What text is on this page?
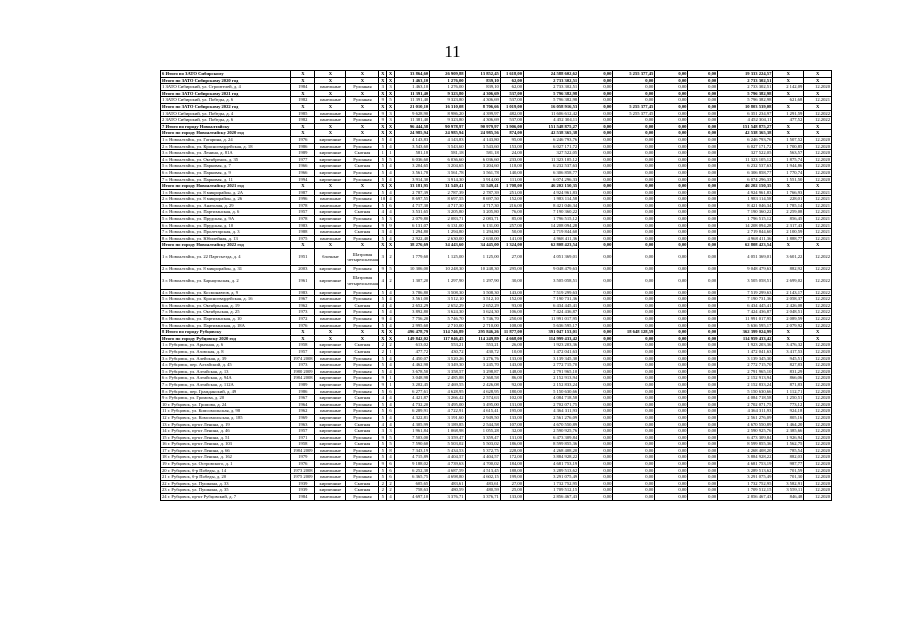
11
6 Итого по ЗАТО Сибирскому	X	X	X	X	X	33 864,60	26 909,88	13 852,45	1 618,00	24 588 602,62	0,00	5 255 377,45	0,00	0,00	19 333 224,57	X	X
Итого по ЗАТО Сибирскому 2020 год	X	X	X	X	X	1 463,10	1 276,00	839,10	62,00	2 733 302,51	0,00	0,00	0,00	0,00	2 733 302,51	X	X
1 ЗАТО Сибирский, ул. Строителей, д. 4	1984	панельные	Рулонная	3	3	1 463,10	1 276,00	839,10	62,00	2 733 302,51	0,00	0,00	0,00	0,00	2 733 302,51	2 142,09	12.2020
Итого по ЗАТО Сибирскому 2021 год	X	X	X	X	X	11 391,40	9 323,80	4 306,69	537,00	5 796 382,98	0,00	0,00	0,00	0,00	5 796 382,98	X	X
1 ЗАТО Сибирский, ул. Победы, д. 6	1982	панельные	Рулонная	9	5	11 391,40	9 323,80	4 306,69	537,00	5 796 382,98	0,00	0,00	0,00	0,00	5 796 382,98	621,68	12.2021
Итого по ЗАТО Сибирскому 2022 год	X	X	X	X	X	21 010,10	16 310,08	8 706,66	1 019,00	16 058 916,53	0,00	5 255 377,45	0,00	0,00	10 803 539,08	X	X
1 ЗАТО Сибирский, ул. Победы, д. 4	1985	панельные	Рулонная	9	3	9 628,90	8 986,20	4 399,97	482,00	11 606 612,42	0,00	5 255 377,45	0,00	0,00	6 351 234,97	1 291,59	12.2022
2 ЗАТО Сибирский, ул. Победы, д. 6	1982	панельные	Рулонная	9	3	11 381,40	9 323,80	4 306,69	537,00	4 452 304,11	0,00	0,00	0,00	0,00	4 452 304,11	477,52	12.2022
7 Итого по городу Новоалтайску	X	X	X	X	X	96 444,58	90 978,97	90 979,97	3 906,00	151 548 875,27	0,00	0,00	0,00	0,00	151 548 875,27	X	X
Итого по городу Новоалтайску 2020 год	X	X	X	X	X	24 985,94	24 985,94	24 985,56	874,00	42 538 365,38	0,00	0,00	0,00	0,00	42 538 365,38	X	X
1 г. Новоалтайск, ул. Гагарина, д. 24	1976	кирпичные	Рулонная	5	4	4 143,83	4 143,83	4 143,80	95,00	6 246 793,76	0,00	0,00	0,00	0,00	6 246 793,76	1 507,52	12.2020
2 г. Новоалтайск, ул. Красногвардейская, д. 18	1986	панельные	Рулонная	5	4	3 543,60	3 543,60	3 543,60	153,00	6 027 171,72	0,00	0,00	0,00	0,00	6 027 171,72	1 700,85	12.2020
3 г. Новоалтайск, ул. Ленина, д. 81А	1989	кирпичные	Скатная	1	1	581,18	581,18	581,18	24,00	327 522,05	0,00	0,00	0,00	0,00	327 522,05	563,57	12.2020
4 г. Новоалтайск, ул. Октябренок, д. 35	1977	кирпичные	Рулонная	5	5	6 036,60	6 036,60	6 036,60	233,00	11 323 105,12	0,00	0,00	0,00	0,00	11 323 105,12	1 875,74	12.2020
5 г. Новоалтайск, ул. Парковая, д. 7	1966	кирпичные	Скатная	5	4	3 204,65	3 204,65	3 204,60	118,00	6 232 537,63	0,00	0,00	0,00	0,00	6 232 537,63	1 944,86	12.2020
6 г. Новоалтайск, ул. Парковая, д. 9	1966	кирпичные	Рулонная	5	4	3 561,78	3 561,78	3 561,78	140,00	6 306 858,77	0,00	0,00	0,00	0,00	6 306 858,77	1 770,74	12.2020
7 г. Новоалтайск, ул. Парковая, д. 11	1994	кирпичные	Рулонная	5	4	3 914,30	3 914,30	3 914,00	111,00	6 074 296,33	0,00	0,00	0,00	0,00	6 074 296,33	1 551,50	12.2020
Итого по городу Новоалтайску 2021 год	X	X	X	X	X	33 181,95	31 549,41	31 549,41	1 708,00	46 202 150,35	0,00	0,00	0,00	0,00	46 202 150,35	X	X
1 г. Новоалтайск, ул. 8 микрорайон, д. 2А	1987	кирпичные	Рулонная	5	4	2 787,39	2 787,39	2 787,39	251,00	4 924 961,83	0,00	0,00	0,00	0,00	4 924 961,83	1 766,93	12.2021
2 г. Новоалтайск, ул. 8 микрорайон, д. 26	1996	панельные	Рулонная	10	4	8 697,55	8 697,55	8 697,50	152,00	1 983 114,58	0,00	0,00	0,00	0,00	1 983 114,58	228,01	12.2021
3 г. Новоалтайск, ул. Анатолия, д. 29	1978	панельные	Рулонная	5	6	4 717,30	4 717,30	4 717,30	216,00	8 421 046,34	0,00	0,00	0,00	0,00	8 421 046,34	1 785,14	12.2021
4 г. Новоалтайск, ул. Партизанская, д. 6	1957	кирпичные	Скатная	4	4	3 531,65	3 205,80	3 205,80	76,00	7 190 360,22	0,00	0,00	0,00	0,00	7 190 360,22	2 259,08	12.2021
5 г. Новоалтайск, ул. Прудская, д. 9А	1978	кирпичные	Рулонная	5	3	2 079,80	2 083,71	2 083,71	85,00	1 796 515,12	0,00	0,00	0,00	0,00	1 796 515,12	856,45	12.2021
6 г. Новоалтайск, ул. Прудская, д. 10	1983	кирпичные	Рулонная	9	9	6 131,07	6 131,00	6 131,00	257,00	14 208 094,28	0,00	0,00	0,00	0,00	14 208 094,28	2 317,43	12.2021
7 г. Новоалтайск, ул. Пролетарская, д. 3	1988	панельные	Скатная	3	4	1 294,80	1 294,80	1 294,80	50,00	2 719 844,60	0,00	0,00	0,00	0,00	2 719 844,60	2 100,59	12.2021
8 г. Новоалтайск, ул. Юбилейная, д. 13	1975	панельные	Рулонная	5	4	2 922,40	2 630,00	2 630,00	141,00	4 968 411,36	0,00	0,00	0,00	0,00	4 968 411,36	1 888,77	12.2021
Итого по городу Новоалтайску 2022 год	X	X	X	X	X	38 276,69	34 443,60	34 445,00	1 324,00	62 808 423,54	0,00	0,00	0,00	0,00	62 808 423,54	X	X
1 г. Новоалтайск, ул. 22 Партсъезда, д. 4	1951	блочные	Шатровая четырехскатная	3	2	1 779,60	1 125,00	1 125,00	27,00	4 051 369,01	0,00	0,00	0,00	0,00	4 051 369,01	3 601,22	12.2022
2 г. Новоалтайск, ул. 8 микрорайон, д. 31	2003	кирпичные	Рулонная	9	5	10 306,00	10 248,30	10 248,30	295,00	9 048 479,63	0,00	0,00	0,00	0,00	9 048 479,63	882,92	12.2022
3 г. Новоалтайск, ул. Барнаульская, д. 2	1961	кирпичные	Шатровая четырехскатная	4	2	1 307,20	1 297,90	1 297,90	30,00	3 505 058,51	0,00	0,00	0,00	0,00	3 505 058,51	2 699,02	12.2022
4 г. Новоалтайск, ул. Космонавтов, д. 9	1983	кирпичные	Рулонная	5	4	3 786,80	3 508,30	3 508,30	143,00	7 519 299,63	0,00	0,00	0,00	0,00	7 519 299,63	2 143,17	12.2022
5 г. Новоалтайск, ул. Красногвардейская, д. 16	1967	панельные	Рулонная	5	4	3 561,00	3 512,10	3 512,10	152,00	7 190 731,36	0,00	0,00	0,00	0,00	7 190 731,36	2 058,37	12.2022
6 г. Новоалтайск, ул. Октябрьская, д. 19	1962	кирпичные	Скатная	4	4	2 652,29	2 652,29	2 652,29	93,00	6 434 445,41	0,00	0,00	0,00	0,00	6 434 445,41	2 426,08	12.2022
7 г. Новоалтайск, ул. Октябрьская, д. 25	1973	кирпичные	Рулонная	5	4	3 892,80	3 624,30	3 624,30	106,00	7 424 436,87	0,00	0,00	0,00	0,00	7 424 436,87	2 048,51	12.2022
8 г. Новоалтайск, ул. Партизанская, д. 10	1972	панельные	Рулонная	9	4	7 756,20	5 746,70	5 746,70	250,00	11 991 017,95	0,00	0,00	0,00	0,00	11 991 017,95	2 089,59	12.2022
9 г. Новоалтайск, ул. Партизанская, д. 18А	1976	панельные	Рулонная	5	4	2 995,60	2 710,00	2 710,00	108,00	5 636 595,17	0,00	0,00	0,00	0,00	5 636 595,17	2 079,92	12.2022
8 Итого по городу Рубцовску	X	X	X	X	X	496 478,79	314 746,89	295 846,26	11 877,00	391 047 153,01	0,00	18 648 128,59	0,00	0,00	362 399 024,99	X	X
Итого по городу Рубцовску 2020 год	X	X	X	X	X	149 842,02	117 046,45	114 249,89	4 668,00	114 999 433,42	0,00	0,00	0,00	0,00	114 959 433,42	X	X
1 г. Рубцовск, ул. Арычная, д. 6	1958	кирпичные	Скатная	2	2	613,02	553,21	553,21	26,00	1 923 203,36	0,00	0,00	0,00	0,00	1 923 203,36	3 476,32	12.2020
2 г. Рубцовск, ул. Азовская, д. 8	1957	кирпичные	Скатная	2	1	477,72	430,72	430,72	10,00	1 472 041,63	0,00	0,00	0,00	0,00	1 472 041,63	3 417,53	12.2020
3 г. Рубцовск, ул. Алейская, д. 39	1974 2008	панельные	Рулонная	5	4	4 450,07	3 520,26	3 276,76	133,00	3 139 345,30	0,00	0,00	0,00	0,00	3 139 345,30	945,51	12.2020
4 г. Рубцовск, пер. Алтайский, д. 45	1973	панельные	Рулонная	5	4	4 462,98	3 349,30	3 245,70	143,00	2 772 715,70	0,00	0,00	0,00	0,00	2 772 715,70	827,83	12.2020
5 г. Рубцовск, ул. Алтайская, д. 13	1980 2009	панельные	Рулонная	5	4	3 678,50	3 358,57	3 298,87	148,00	2 791 965,10	0,00	0,00	0,00	0,00	2 791 965,10	831,29	12.2020
6 г. Рубцовск, ул. Алтайская, д. 94А	1984 2008	кирпичные	Рулонная	9	1	3 048,98	2 485,88	2 368,58	86,00	2 152 913,94	0,00	0,00	0,00	0,00	2 152 913,94	866,06	12.2020
7 г. Рубцовск, ул. Алтайская, д. 112А	1989	кирпичные	Рулонная	9	1	3 202,45	2 469,55	2 426,08	92,00	2 152 833,24	0,00	0,00	0,00	0,00	2 152 833,24	871,83	12.2020
8 г. Рубцовск, пер. Гражданский, д. 49	1986	панельные	Рулонная	5	6	6 277,61	4 628,95	4 628,95	180,00	5 150 630,66	0,00	0,00	0,00	0,00	5 150 630,66	1 112,71	12.2020
9 г. Рубцовск, ул. Громова, д. 20	1967	кирпичные	Скатная	4	4	4 421,87	3 266,42	2 574,63	102,00	4 084 718,58	0,00	0,00	0,00	0,00	4 084 718,58	1 250,51	12.2020
10 г. Рубцовск, ул. Громова, д. 24	1964	панельные	Рулонная	5	4	4 732,20	3 495,00	3 495,00	131,00	2 702 071,75	0,00	0,00	0,00	0,00	2 702 071,75	773,12	12.2020
11 г. Рубцовск, ул. Комсомольская, д. 98	1962	панельные	Рулонная	5	6	6 289,91	4 722,91	4 615,41	195,00	4 364 311,93	0,00	0,00	0,00	0,00	4 364 311,93	924,18	12.2020
12 г. Рубцовск, ул. Комсомольская, д. 185	1969	кирпичные	Рулонная	5	4	4 322,81	3 191,60	2 949,50	133,00	2 561 276,09	0,00	0,00	0,00	0,00	2 561 276,09	805,16	12.2020
13 г. Рубцовск, пр-кт Ленина, д. 19	1963	кирпичные	Скатная	4	4	4 305,99	3 189,85	2 544,58	107,00	4 670 550,89	0,00	0,00	0,00	0,00	4 670 550,89	1 464,20	12.2020
14 г. Рубцовск, пр-кт Ленина, д. 46	1957	кирпичные	Скатная	3	3	1 961,84	1 068,98	1 055,28	32,00	2 590 925,76	0,00	0,00	0,00	0,00	2 590 925,76	2 385,66	12.2020
15 г. Рубцовск, пр-кт Ленина, д. 51	1971	панельные	Рулонная	9	5	7 503,00	3 359,47	3 359,47	131,00	6 473 309,84	0,00	0,00	0,00	0,00	6 473 309,84	1 926,94	12.2020
16 г. Рубцовск, пр-кт Ленина, д. 103	1958	кирпичные	Скатная	5	5	7 590,60	5 503,02	5 503,02	186,00	8 599 855,36	0,00	0,00	0,00	0,00	8 599 855,36	1 562,75	12.2020
17 г. Рубцовск, пр-кт Ленина, д. 66	1984 2009	панельные	Рулонная	5	8	7 343,19	5 434,53	5 372,75	228,00	4 268 408,20	0,00	0,00	0,00	0,00	4 268 408,20	785,54	12.2020
18 г. Рубцовск, пр-кт Ленина, д. 162	1979	панельные	Рулонная	5	4	4 715,89	4 404,57	4 404,57	172,00	3 884 928,22	0,00	0,00	0,00	0,00	3 884 928,22	882,03	12.2020
19 г. Рубцовск, ул. Островского, д. 1	1976	панельные	Рулонная	9	6	9 188,02	4 739,63	4 700,02	184,00	4 681 753,19	0,00	0,00	0,00	0,00	4 681 753,19	987,77	12.2020
20 г. Рубцовск, б-р Победы, д. 14	1973 2008	панельные	Рулонная	5	6	6 252,38	4 687,59	4 513,45	188,00	3 289 513,62	0,00	0,00	0,00	0,00	3 289 513,62	701,59	12.2020
21 г. Рубцовск, б-р Победы, д. 20	1975 2009	панельные	Рулонная	5	6	6 365,75	4 698,80	4 602,15	199,00	3 291 075,49	0,00	0,00	0,00	0,00	3 291 075,49	701,30	12.2020
22 г. Рубцовск, ул. Пушкина, д. 33	1939	кирпичные	Скатная	2	2	605,65	483,61	483,61	27,00	1 732 752,95	0,00	0,00	0,00	0,00	1 732 752,95	3 582,91	12.2020
23 г. Рубцовск, ул. Пушкина, д. 35	1939	кирпичные	Скатная	2	2	758,63	480,59	480,59	25,00	1 709 512,15	0,00	0,00	0,00	0,00	1 709 512,15	3 559,11	12.2020
24 г. Рубцовск, пр-кт Рубцовский, д. 7	1984	панельные	Рулонная	5	4	4 697,10	3 376,71	3 376,71	133,00	2 856 467,43	0,00	0,00	0,00	0,00	2 856 467,43	846,48	12.2020
